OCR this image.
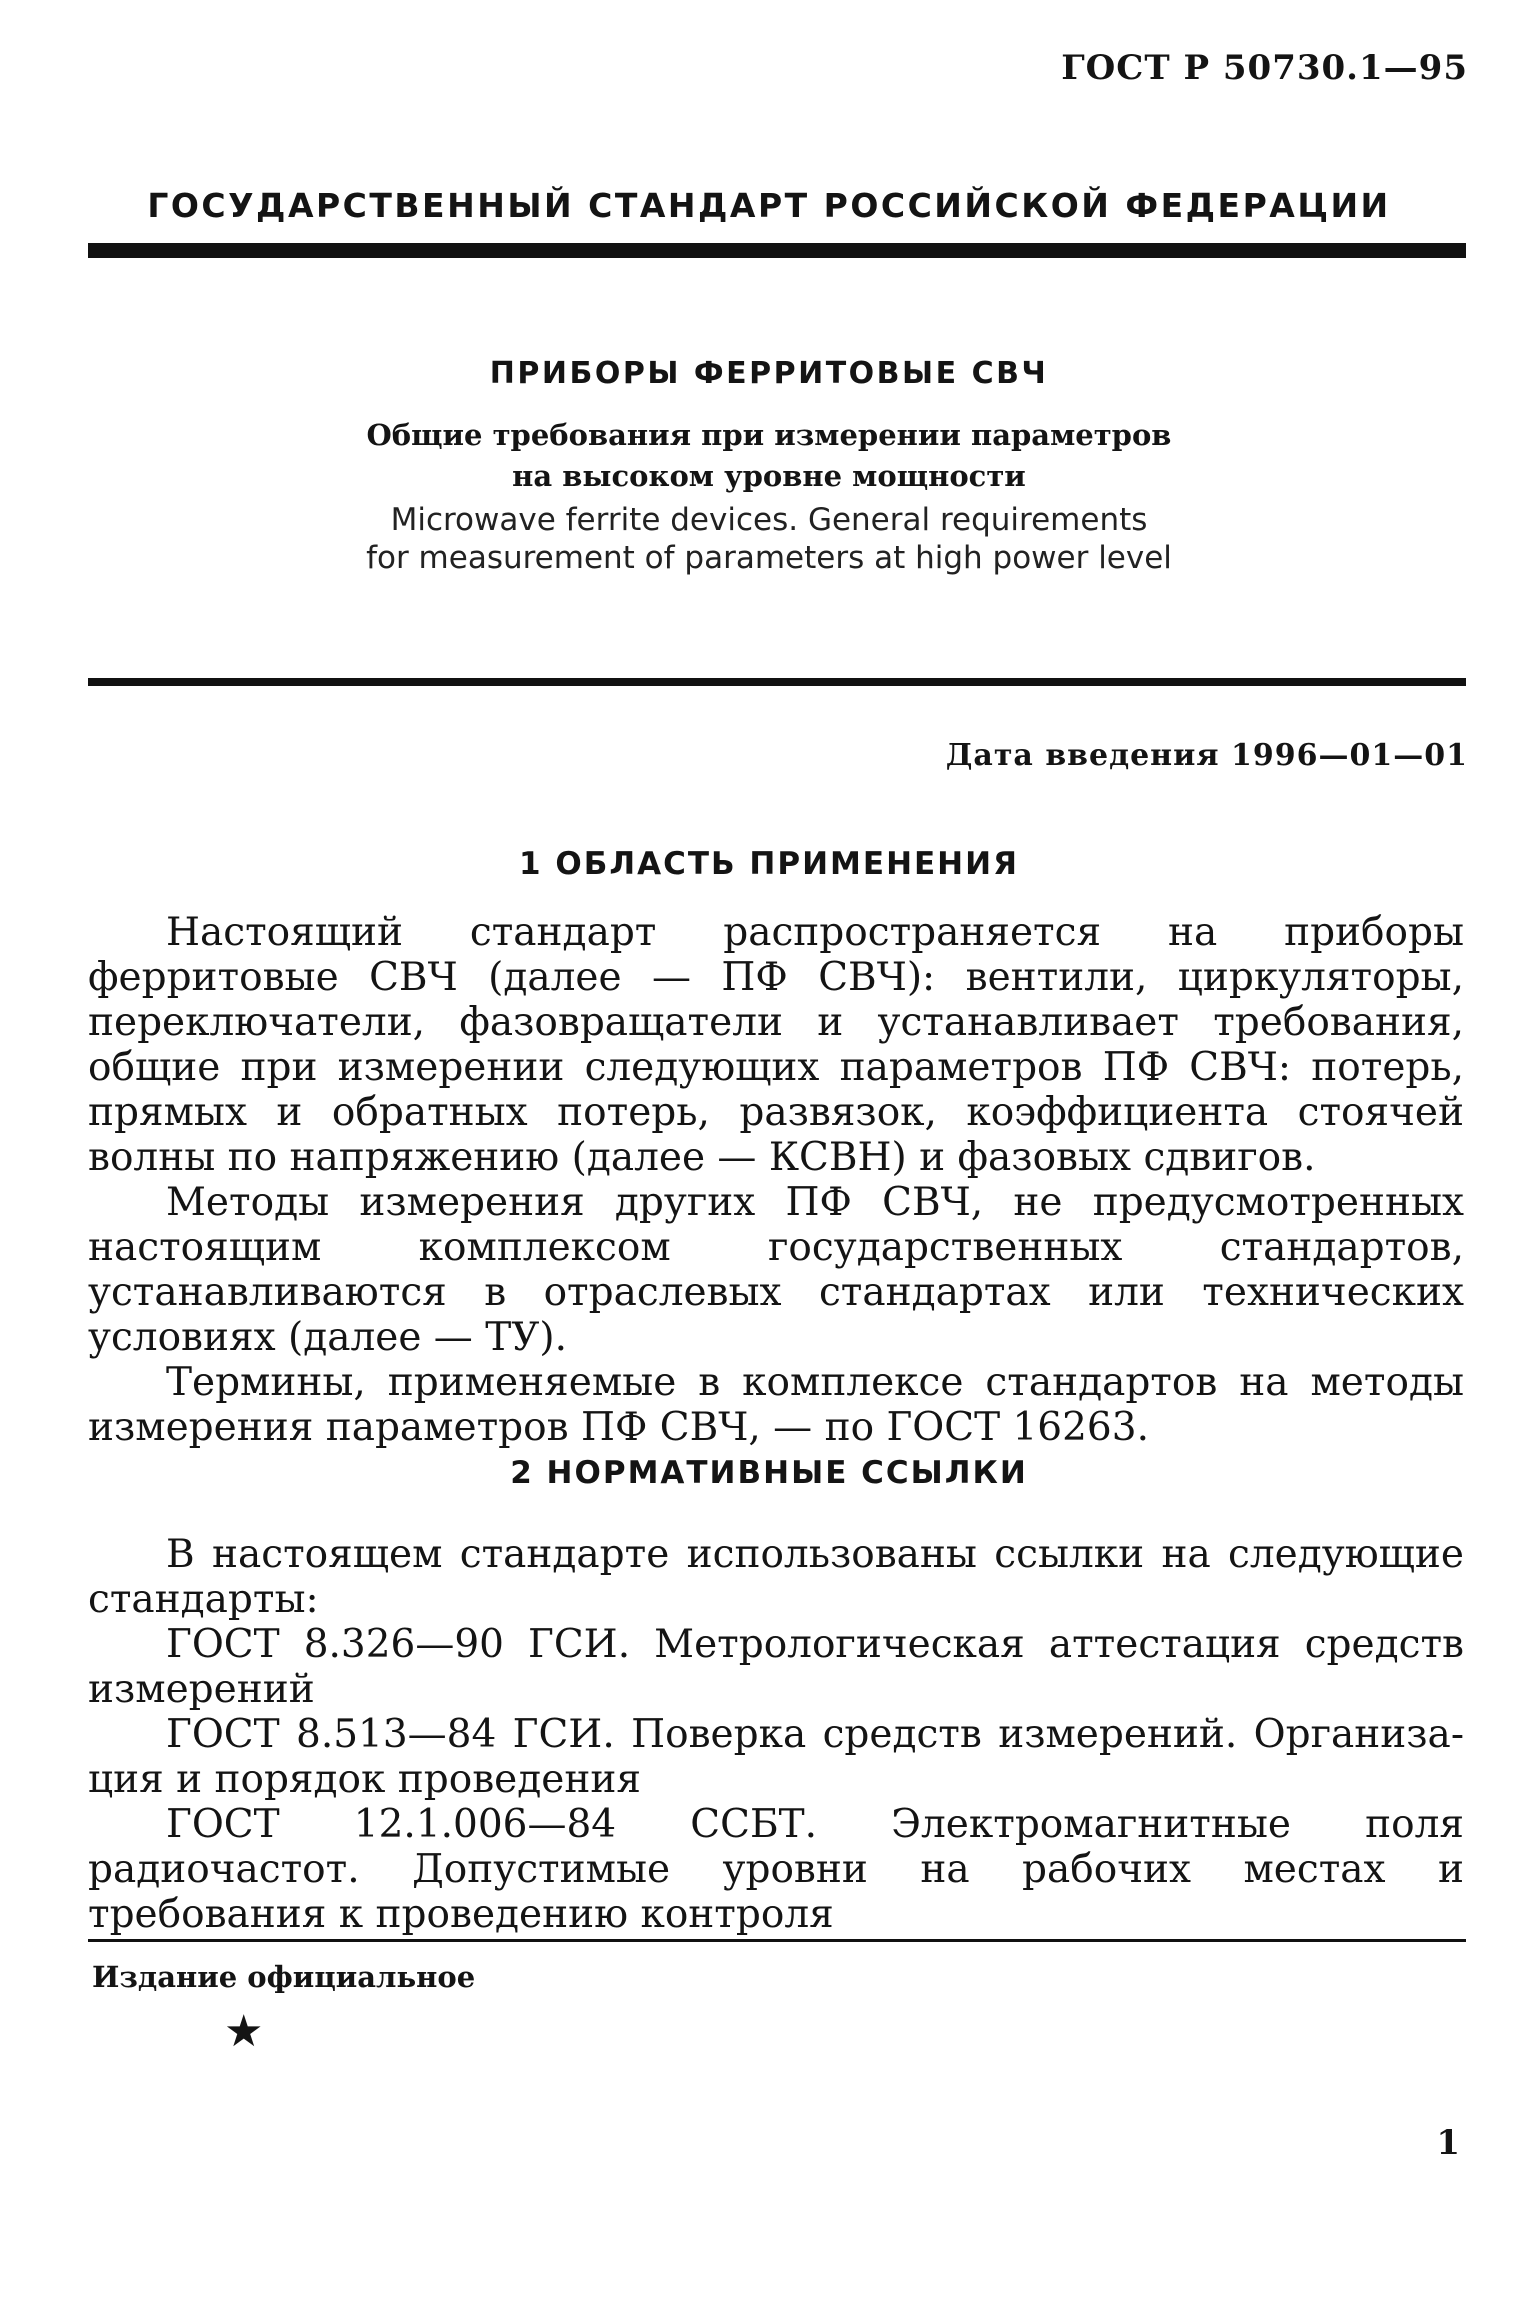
ГОСТ Р 50730.1—95
ГОСУДАРСТВЕННЫЙ СТАНДАРТ РОССИЙСКОЙ ФЕДЕРАЦИИ
ПРИБОРЫ ФЕРРИТОВЫЕ СВЧ
Общие требования при измерении параметров
на высоком уровне мощности
Microwave ferrite devices. General requirements
for measurement of parameters at high power level
Дата введения 1996—01—01
1 ОБЛАСТЬ ПРИМЕНЕНИЯ

Настоящий стандарт распространяется на приборы ферритовые СВЧ (далее — ПФ СВЧ): вентили, циркуляторы, переключатели, фазовращатели и устанавливает требования, общие при измерении следующих параметров ПФ СВЧ: потерь, прямых и обратных потерь, развязок, коэффициента стоячей волны по напряжению (далее — КСВН) и фазовых сдвигов.

Методы измерения других ПФ СВЧ, не предусмотренных настоящим комплексом государственных стандартов, устанавливаются в отраслевых стандартах или технических условиях (далее — ТУ).

Термины, применяемые в комплексе стандартов на методы измерения параметров ПФ СВЧ, — по ГОСТ 16263.

2 НОРМАТИВНЫЕ ССЫЛКИ

В настоящем стандарте использованы ссылки на следующие стандарты:

ГОСТ 8.326—90 ГСИ. Метрологическая аттестация средств измерений

ГОСТ 8.513—84 ГСИ. Поверка средств измерений. Организация и порядок проведения

ГОСТ 12.1.006—84 ССБТ. Электромагнитные поля радиочастот. Допустимые уровни на рабочих местах и требования к проведению контроля

Издание официальное
★
1
